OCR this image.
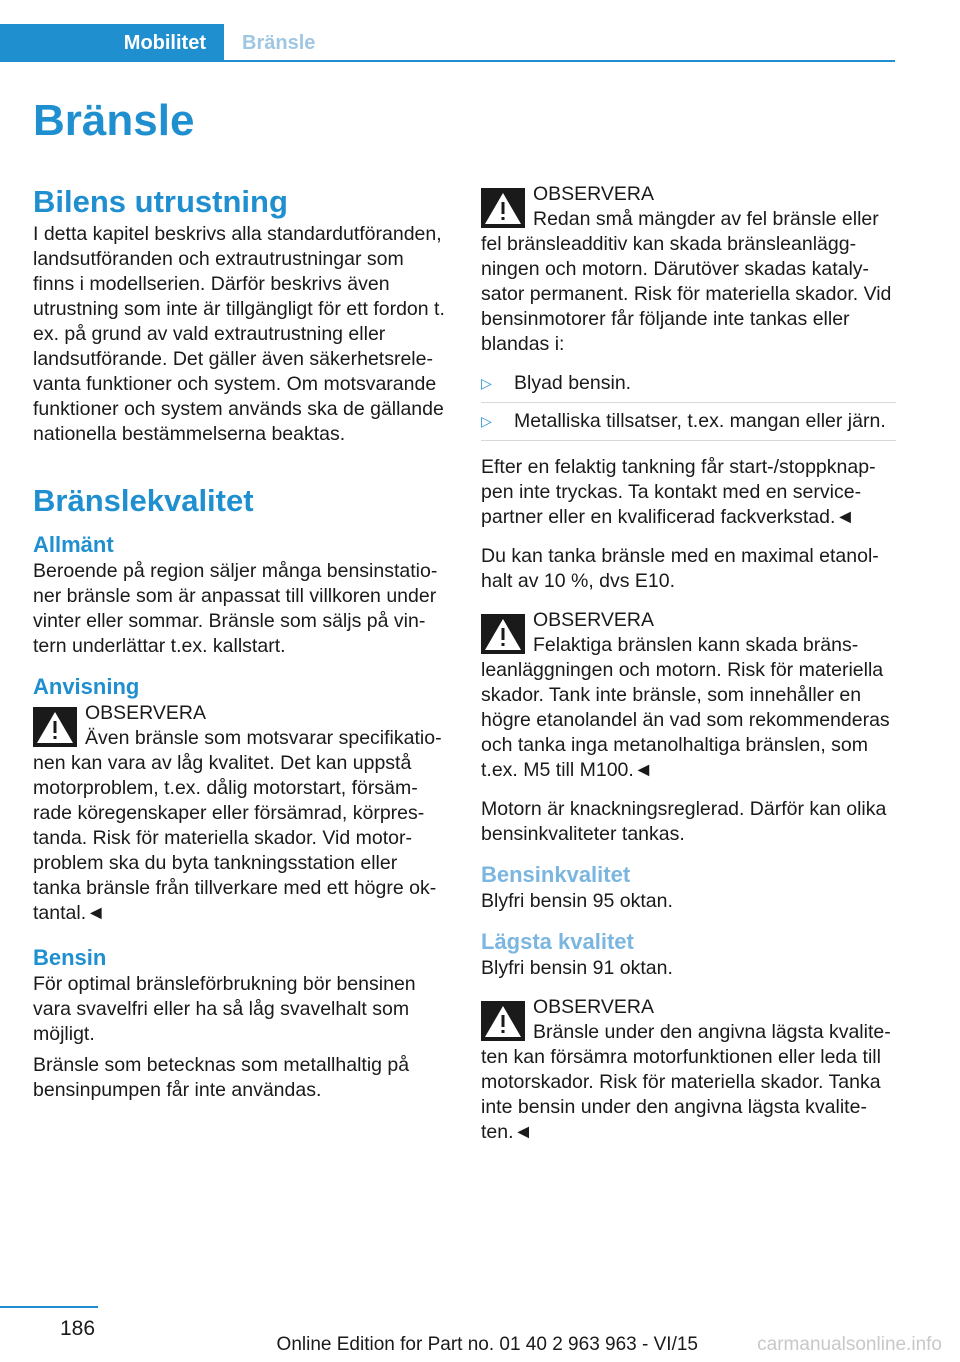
Mobilitet	Bränsle
Bränsle
Bilens utrustning

I detta kapitel beskrivs alla standardutföranden, landsutföranden och extrautrustningar som finns i modellserien. Därför beskrivs även utrustning som inte är tillgängligt för ett fordon t. ex. på grund av vald extrautrustning eller landsutförande. Det gäller även säkerhetsrelevanta funktioner och system. Om motsvarande funktioner och system används ska de gällande nationella bestämmelserna beaktas.

Bränslekvalitet
Allmänt

Beroende på region säljer många bensinstationer bränsle som är anpassat till villkoren under vinter eller sommar. Bränsle som säljs på vintern underlättar t.ex. kallstart.

Anvisning
OBSERVERA
Även bränsle som motsvarar specifikationen kan vara av låg kvalitet. Det kan uppstå motorproblem, t.ex. dålig motorstart, försämrade köregenskaper eller försämrad, körprestanda. Risk för materiella skador. Vid motorproblem ska du byta tankningsstation eller tanka bränsle från tillverkare med ett högre oktantal.◄
Bensin

För optimal bränsleförbrukning bör bensinen vara svavelfri eller ha så låg svavelhalt som möjligt.

Bränsle som betecknas som metallhaltig på bensinpumpen får inte användas.

OBSERVERA
Redan små mängder av fel bränsle eller fel bränsleadditiv kan skada bränsleanläggningen och motorn. Därutöver skadas katalysator permanent. Risk för materiella skador. Vid bensinmotorer får följande inte tankas eller blandas i:
▷ Blyad bensin.
▷ Metalliska tillsatser, t.ex. mangan eller järn.

Efter en felaktig tankning får start-/stoppknappen inte tryckas. Ta kontakt med en servicepartner eller en kvalificerad fackverkstad.◄

Du kan tanka bränsle med en maximal etanolhalt av 10 %, dvs E10.

OBSERVERA
Felaktiga bränslen kann skada bränsleanläggningen och motorn. Risk för materiella skador. Tank inte bränsle, som innehåller en högre etanolandel än vad som rekommenderas och tanka inga metanolhaltiga bränslen, som t.ex. M5 till M100.◄

Motorn är knackningsreglerad. Därför kan olika bensinkvaliteter tankas.

Bensinkvalitet

Blyfri bensin 95 oktan.

Lägsta kvalitet

Blyfri bensin 91 oktan.

OBSERVERA
Bränsle under den angivna lägsta kvaliteten kan försämra motorfunktionen eller leda till motorskador. Risk för materiella skador. Tanka inte bensin under den angivna lägsta kvaliteten.◄
186
Online Edition for Part no. 01 40 2 963 963 - VI/15	carmanualsonline.info
